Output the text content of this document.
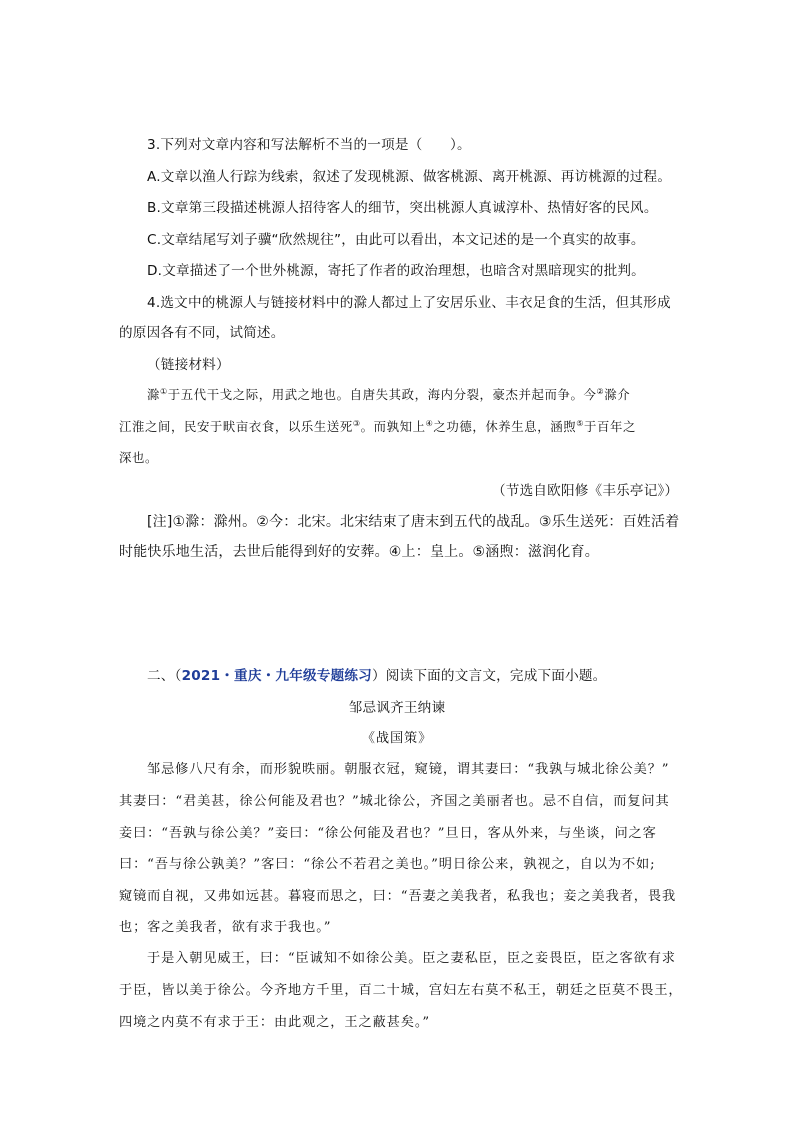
3.下列对文章内容和写法解析不当的一项是（　　）。
A.文章以渔人行踪为线索，叙述了发现桃源、做客桃源、离开桃源、再访桃源的过程。
B.文章第三段描述桃源人招待客人的细节，突出桃源人真诚淳朴、热情好客的民风。
C.文章结尾写刘子骥“欣然规往”，由此可以看出，本文记述的是一个真实的故事。
D.文章描述了一个世外桃源，寄托了作者的政治理想，也暗含对黑暗现实的批判。
4.选文中的桃源人与链接材料中的滁人都过上了安居乐业、丰衣足食的生活，但其形成
的原因各有不同，试简述。
（链接材料）
滁①于五代干戈之际，用武之地也。自唐失其政，海内分裂，豪杰并起而争。今②滁介
江淮之间，民安于畎亩衣食，以乐生送死③。而孰知上④之功德，休养生息，涵煦⑤于百年之
深也。
（节选自欧阳修《丰乐亭记》）
[注]①滁：滁州。②今：北宋。北宋结束了唐末到五代的战乱。③乐生送死：百姓活着
时能快乐地生活，去世后能得到好的安葬。④上：皇上。⑤涵煦：滋润化育。
二、（2021・重庆・九年级专题练习）阅读下面的文言文，完成下面小题。
邹忌讽齐王纳谏
《战国策》
邹忌修八尺有余，而形貌昳丽。朝服衣冠，窥镜，谓其妻曰：“我孰与城北徐公美？”
其妻曰：“君美甚，徐公何能及君也？”城北徐公，齐国之美丽者也。忌不自信，而复问其
妾曰：“吾孰与徐公美？”妾曰：“徐公何能及君也？”旦日，客从外来，与坐谈，问之客
曰：“吾与徐公孰美？”客曰：“徐公不若君之美也。”明日徐公来，孰视之，自以为不如;
窥镜而自视，又弗如远甚。暮寝而思之，曰：“吾妻之美我者，私我也；妾之美我者，畏我
也；客之美我者，欲有求于我也。”
于是入朝见威王，曰：“臣诚知不如徐公美。臣之妻私臣，臣之妾畏臣，臣之客欲有求
于臣，皆以美于徐公。今齐地方千里，百二十城，宫妇左右莫不私王，朝廷之臣莫不畏王，
四境之内莫不有求于王：由此观之，王之蔽甚矣。”
